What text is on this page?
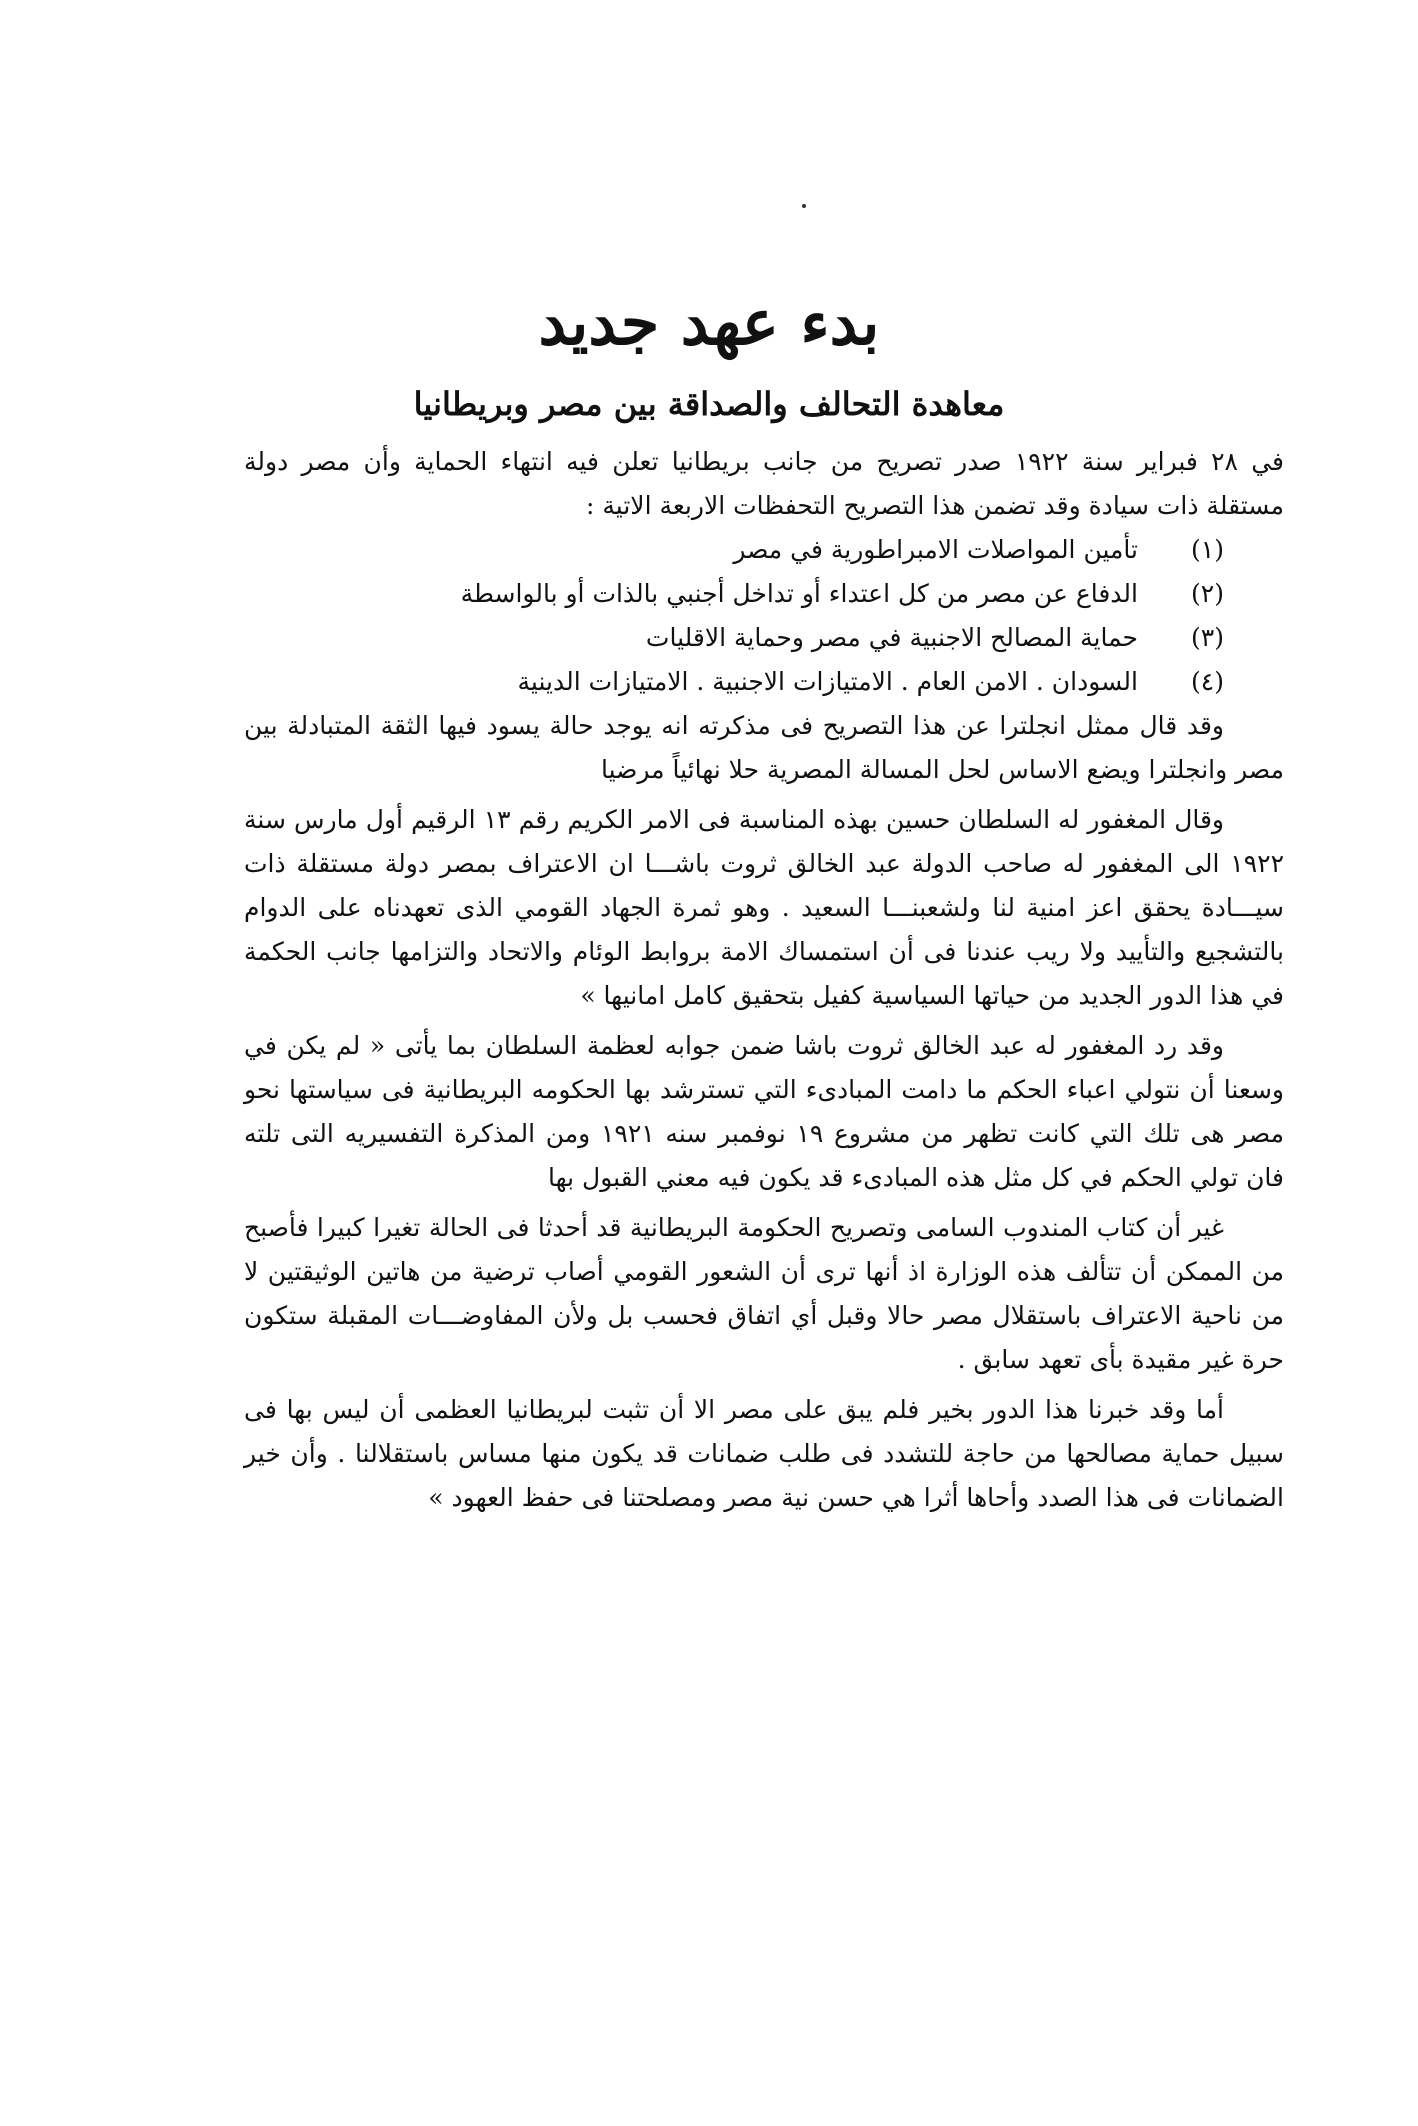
بدء عهد جديد
معاهدة التحالف والصداقة بين مصر وبريطانيا

في ٢٨ فبراير سنة ١٩٢٢ صدر تصريح من جانب بريطانيا تعلن فيه انتهاء الحماية وأن مصر دولة مستقلة ذات سيادة وقد تضمن هذا التصريح التحفظات الاربعة الاتية :

(١)
تأمين المواصلات الامبراطورية في مصر
(٢)
الدفاع عن مصر من كل اعتداء أو تداخل أجنبي بالذات أو بالواسطة
(٣)
حماية المصالح الاجنبية في مصر وحماية الاقليات
(٤)
السودان . الامن العام . الامتيازات الاجنبية . الامتيازات الدينية

وقد قال ممثل انجلترا عن هذا التصريح فى مذكرته انه يوجد حالة يسود فيها الثقة المتبادلة بين مصر وانجلترا ويضع الاساس لحل المسالة المصرية حلا نهائياً مرضيا

وقال المغفور له السلطان حسين بهذه المناسبة فى الامر الكريم رقم ١٣ الرقيم أول مارس سنة ١٩٢٢ الى المغفور له صاحب الدولة عبد الخالق ثروت باشـــا ان الاعتراف بمصر دولة مستقلة ذات سيـــادة يحقق اعز امنية لنا ولشعبنـــا السعيد . وهو ثمرة الجهاد القومي الذى تعهدناه على الدوام بالتشجيع والتأييد ولا ريب عندنا فى أن استمساك الامة بروابط الوئام والاتحاد والتزامها جانب الحكمة في هذا الدور الجديد من حياتها السياسية كفيل بتحقيق كامل امانيها »

وقد رد المغفور له عبد الخالق ثروت باشا ضمن جوابه لعظمة السلطان بما يأتى « لم يكن في وسعنا أن نتولي اعباء الحكم ما دامت المبادىء التي تسترشد بها الحكومه البريطانية فى سياستها نحو مصر هى تلك التي كانت تظهر من مشروع ١٩ نوفمبر سنه ١٩٢١ ومن المذكرة التفسيريه التى تلته فان تولي الحكم في كل مثل هذه المبادىء قد يكون فيه معني القبول بها

غير أن كتاب المندوب السامى وتصريح الحكومة البريطانية قد أحدثا فى الحالة تغيرا كبيرا فأصبح من الممكن أن تتألف هذه الوزارة اذ أنها ترى أن الشعور القومي أصاب ترضية من هاتين الوثيقتين لا من ناحية الاعتراف باستقلال مصر حالا وقبل أي اتفاق فحسب بل ولأن المفاوضـــات المقبلة ستكون حرة غير مقيدة بأى تعهد سابق .

أما وقد خبرنا هذا الدور بخير فلم يبق على مصر الا أن تثبت لبريطانيا العظمى أن ليس بها فى سبيل حماية مصالحها من حاجة للتشدد فى طلب ضمانات قد يكون منها مساس باستقلالنا . وأن خير الضمانات فى هذا الصدد وأحاها أثرا هي حسن نية مصر ومصلحتنا فى حفظ العهود »
